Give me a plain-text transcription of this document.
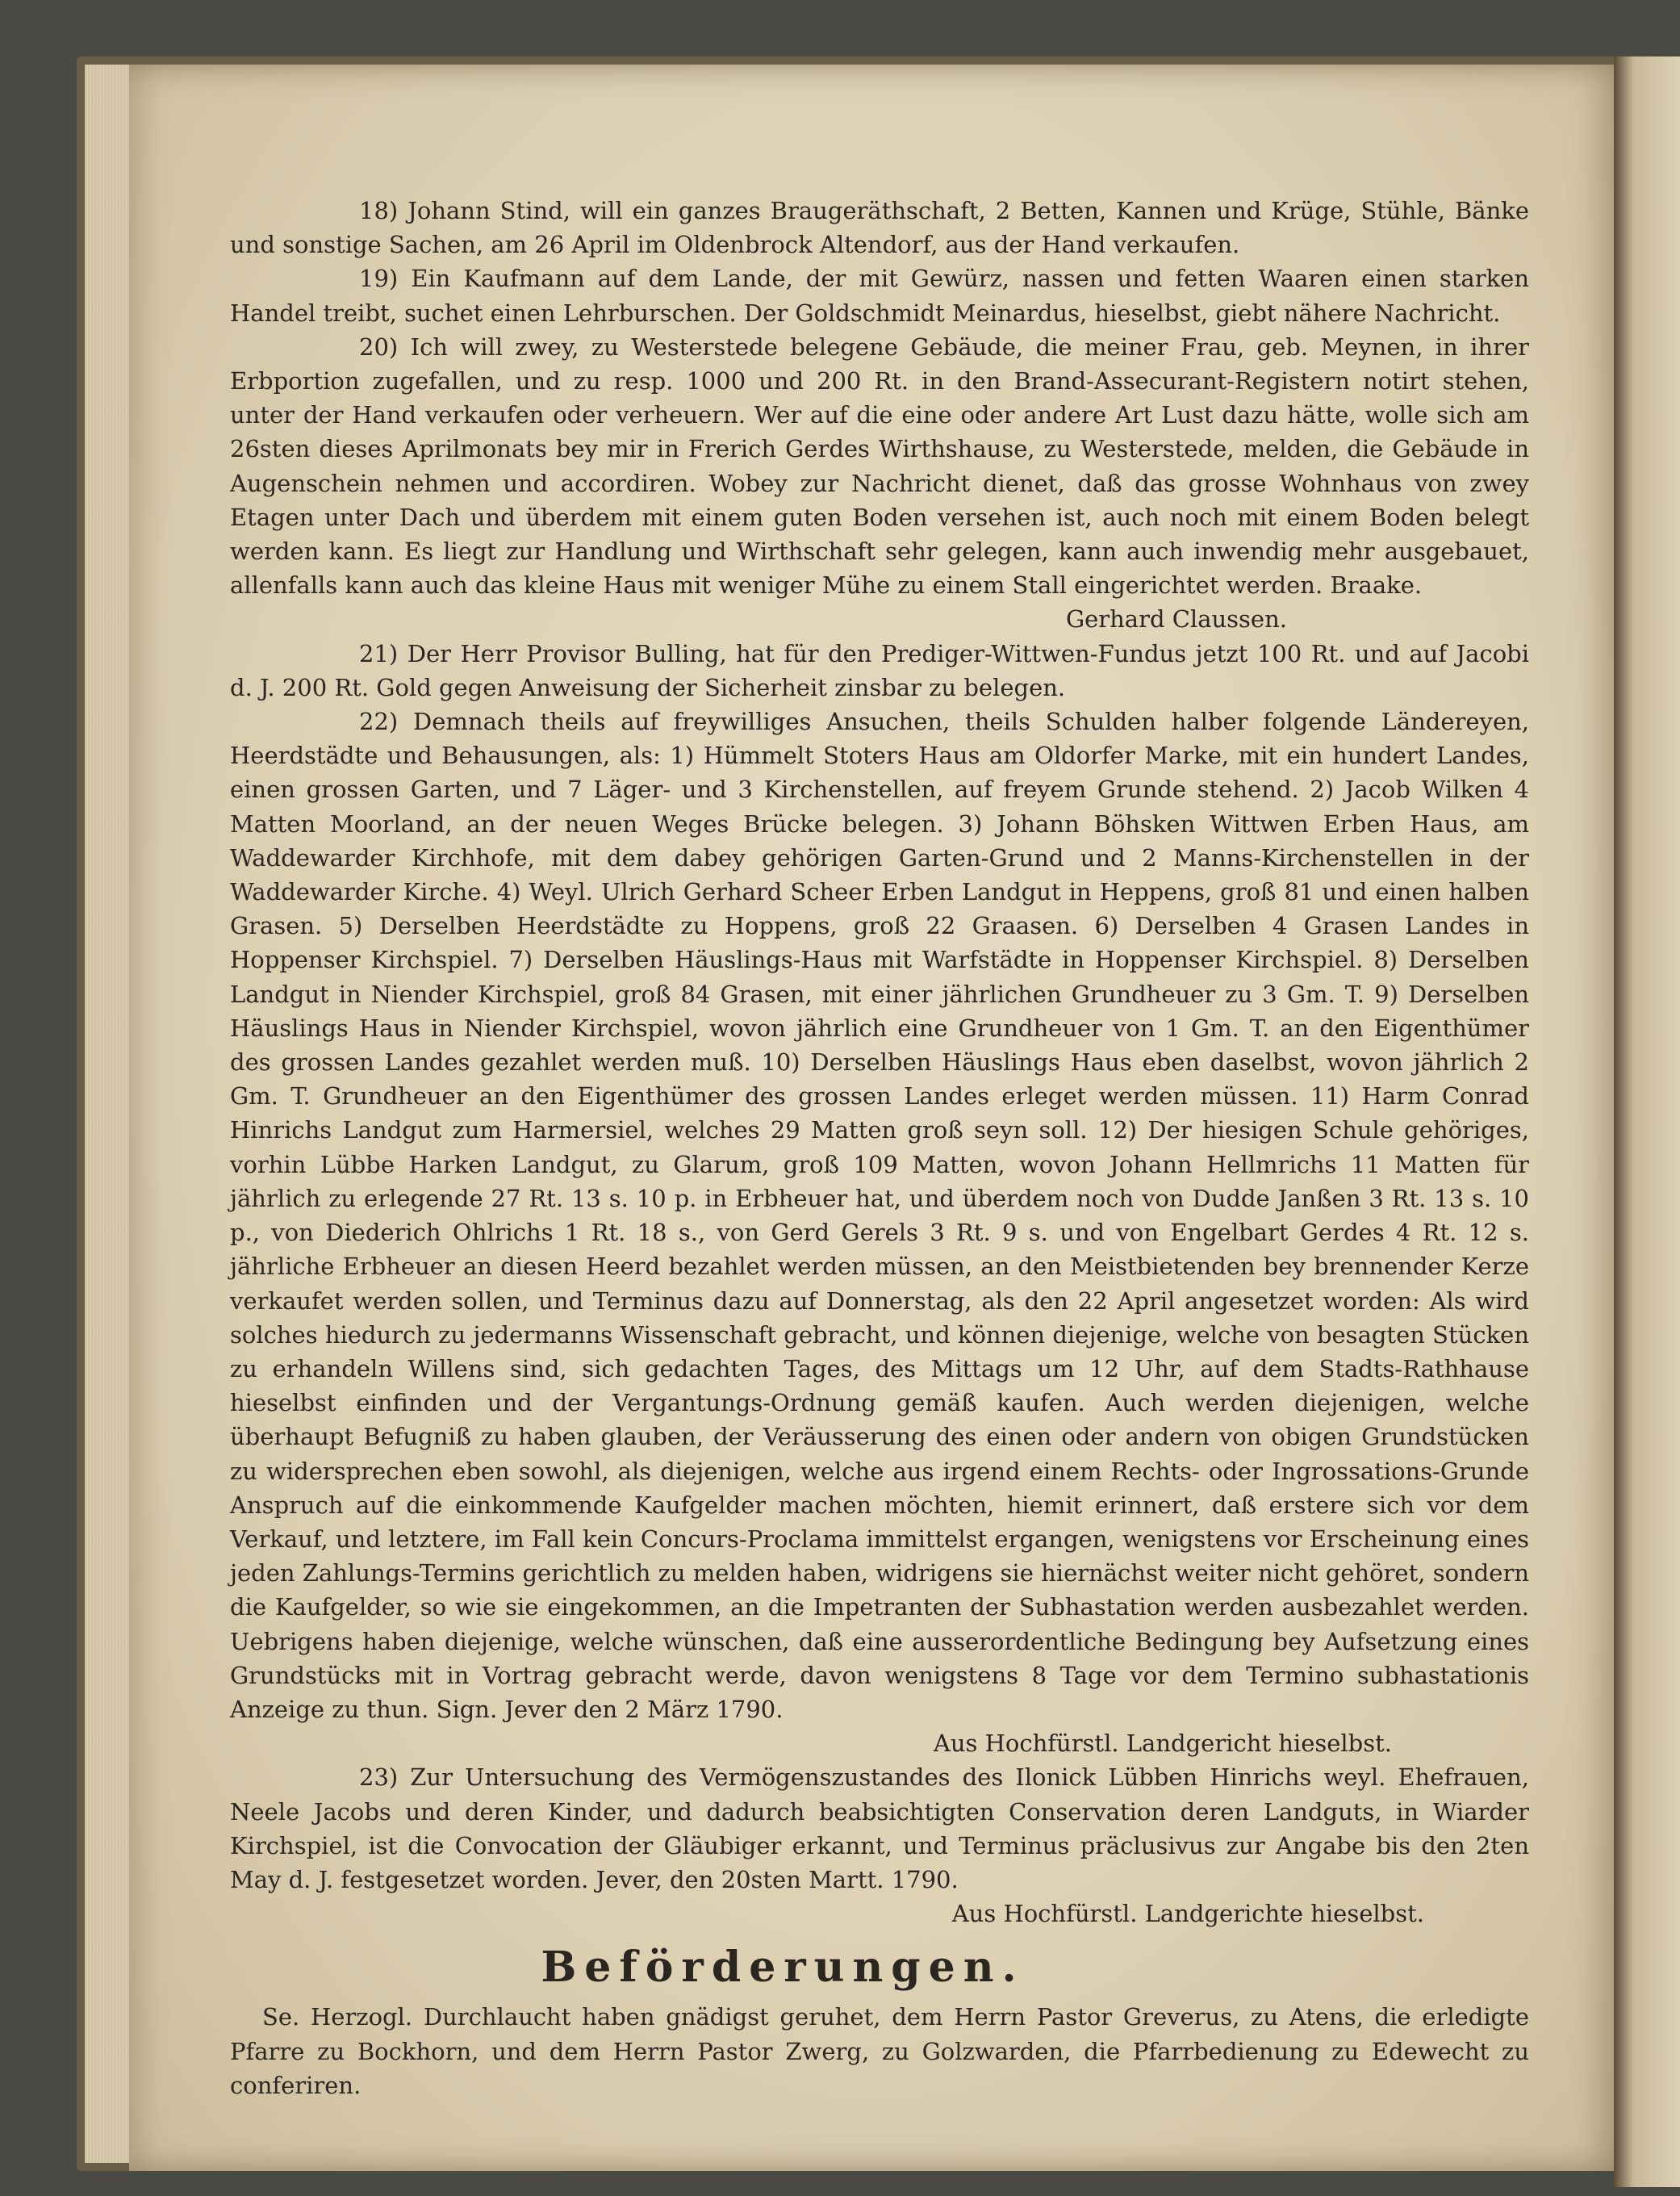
18) Johann Stind, will ein ganzes Braugeräthschaft, 2 Betten, Kannen und Krüge, Stühle, Bänke und sonstige Sachen, am 26 April im Oldenbrock Altendorf, aus der Hand verkaufen.

19) Ein Kaufmann auf dem Lande, der mit Gewürz, nassen und fetten Waaren einen starken Handel treibt, suchet einen Lehrburschen. Der Goldschmidt Meinardus, hieselbst, giebt nähere Nachricht.

20) Ich will zwey, zu Westerstede belegene Gebäude, die meiner Frau, geb. Meynen, in ihrer Erbportion zugefallen, und zu resp. 1000 und 200 Rt. in den Brand-Assecurant-Registern notirt stehen, unter der Hand verkaufen oder verheuern. Wer auf die eine oder andere Art Lust dazu hätte, wolle sich am 26sten dieses Aprilmonats bey mir in Frerich Gerdes Wirthshause, zu Westerstede, melden, die Gebäude in Augenschein nehmen und accordiren. Wobey zur Nachricht dienet, daß das grosse Wohnhaus von zwey Etagen unter Dach und überdem mit einem guten Boden versehen ist, auch noch mit einem Boden belegt werden kann. Es liegt zur Handlung und Wirthschaft sehr gelegen, kann auch inwendig mehr ausgebauet, allenfalls kann auch das kleine Haus mit weniger Mühe zu einem Stall eingerichtet werden. Braake.

Gerhard Claussen.

21) Der Herr Provisor Bulling, hat für den Prediger-Wittwen-Fundus jetzt 100 Rt. und auf Jacobi d. J. 200 Rt. Gold gegen Anweisung der Sicherheit zinsbar zu belegen.

22) Demnach theils auf freywilliges Ansuchen, theils Schulden halber folgende Ländereyen, Heerdstädte und Behausungen, als: 1) Hümmelt Stoters Haus am Oldorfer Marke, mit ein hundert Landes, einen grossen Garten, und 7 Läger- und 3 Kirchenstellen, auf freyem Grunde stehend. 2) Jacob Wilken 4 Matten Moorland, an der neuen Weges Brücke belegen. 3) Johann Böhsken Wittwen Erben Haus, am Waddewarder Kirchhofe, mit dem dabey gehörigen Garten-Grund und 2 Manns-Kirchenstellen in der Waddewarder Kirche. 4) Weyl. Ulrich Gerhard Scheer Erben Landgut in Heppens, groß 81 und einen halben Grasen. 5) Derselben Heerdstädte zu Hoppens, groß 22 Graasen. 6) Derselben 4 Grasen Landes in Hoppenser Kirchspiel. 7) Derselben Häuslings-Haus mit Warfstädte in Hoppenser Kirchspiel. 8) Derselben Landgut in Niender Kirchspiel, groß 84 Grasen, mit einer jährlichen Grundheuer zu 3 Gm. T. 9) Derselben Häuslings Haus in Niender Kirchspiel, wovon jährlich eine Grundheuer von 1 Gm. T. an den Eigenthümer des grossen Landes gezahlet werden muß. 10) Derselben Häuslings Haus eben daselbst, wovon jährlich 2 Gm. T. Grundheuer an den Eigenthümer des grossen Landes erleget werden müssen. 11) Harm Conrad Hinrichs Landgut zum Harmersiel, welches 29 Matten groß seyn soll. 12) Der hiesigen Schule gehöriges, vorhin Lübbe Harken Landgut, zu Glarum, groß 109 Matten, wovon Johann Hellmrichs 11 Matten für jährlich zu erlegende 27 Rt. 13 s. 10 p. in Erbheuer hat, und überdem noch von Dudde Janßen 3 Rt. 13 s. 10 p., von Diederich Ohlrichs 1 Rt. 18 s., von Gerd Gerels 3 Rt. 9 s. und von Engelbart Gerdes 4 Rt. 12 s. jährliche Erbheuer an diesen Heerd bezahlet werden müssen, an den Meistbietenden bey brennender Kerze verkaufet werden sollen, und Terminus dazu auf Donnerstag, als den 22 April angesetzet worden: Als wird solches hiedurch zu jedermanns Wissenschaft gebracht, und können diejenige, welche von besagten Stücken zu erhandeln Willens sind, sich gedachten Tages, des Mittags um 12 Uhr, auf dem Stadts-Rathhause hieselbst einfinden und der Vergantungs-Ordnung gemäß kaufen. Auch werden diejenigen, welche überhaupt Befugniß zu haben glauben, der Veräusserung des einen oder andern von obigen Grundstücken zu widersprechen eben sowohl, als diejenigen, welche aus irgend einem Rechts- oder Ingrossations-Grunde Anspruch auf die einkommende Kaufgelder machen möchten, hiemit erinnert, daß erstere sich vor dem Verkauf, und letztere, im Fall kein Concurs-Proclama immittelst ergangen, wenigstens vor Erscheinung eines jeden Zahlungs-Termins gerichtlich zu melden haben, widrigens sie hiernächst weiter nicht gehöret, sondern die Kaufgelder, so wie sie eingekommen, an die Impetranten der Subhastation werden ausbezahlet werden. Uebrigens haben diejenige, welche wünschen, daß eine ausserordentliche Bedingung bey Aufsetzung eines Grundstücks mit in Vortrag gebracht werde, davon wenigstens 8 Tage vor dem Termino subhastationis Anzeige zu thun. Sign. Jever den 2 März 1790.

Aus Hochfürstl. Landgericht hieselbst.

23) Zur Untersuchung des Vermögenszustandes des Ilonick Lübben Hinrichs weyl. Ehefrauen, Neele Jacobs und deren Kinder, und dadurch beabsichtigten Conservation deren Landguts, in Wiarder Kirchspiel, ist die Convocation der Gläubiger erkannt, und Terminus präclusivus zur Angabe bis den 2ten May d. J. festgesetzet worden. Jever, den 20sten Martt. 1790.

Aus Hochfürstl. Landgerichte hieselbst.

Beförderungen.

Se. Herzogl. Durchlaucht haben gnädigst geruhet, dem Herrn Pastor Greverus, zu Atens, die erledigte Pfarre zu Bockhorn, und dem Herrn Pastor Zwerg, zu Golzwarden, die Pfarrbedienung zu Edewecht zu conferiren.
